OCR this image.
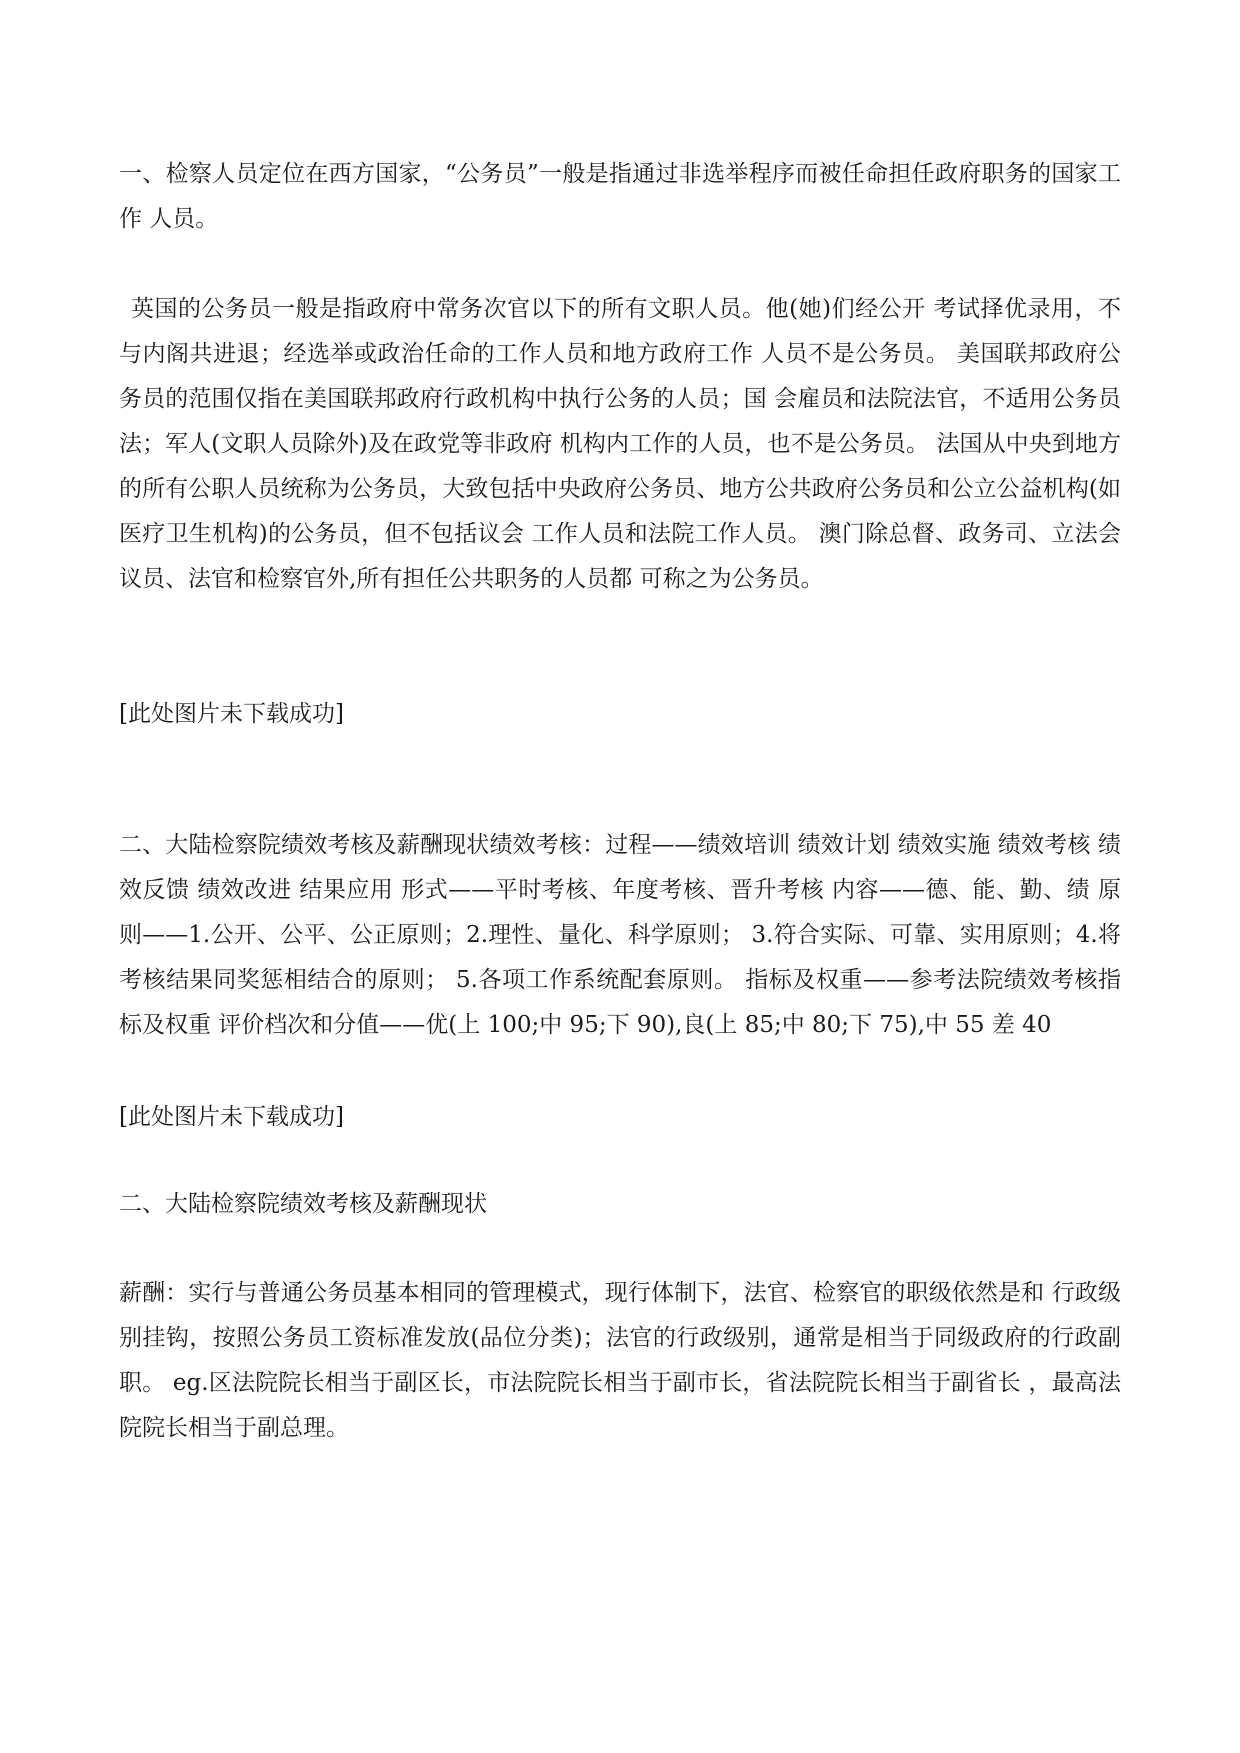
一、检察人员定位在西方国家，“公务员”一般是指通过非选举程序而被任命担任政府职务的国家工作 人员。

英国的公务员一般是指政府中常务次官以下的所有文职人员。他(她)们经公开 考试择优录用，不与内阁共进退；经选举或政治任命的工作人员和地方政府工作 人员不是公务员。 美国联邦政府公务员的范围仅指在美国联邦政府行政机构中执行公务的人员；国 会雇员和法院法官，不适用公务员法；军人(文职人员除外)及在政党等非政府 机构内工作的人员，也不是公务员。 法国从中央到地方的所有公职人员统称为公务员，大致包括中央政府公务员、地方公共政府公务员和公立公益机构(如医疗卫生机构)的公务员，但不包括议会 工作人员和法院工作人员。 澳门除总督、政务司、立法会议员、法官和检察官外,所有担任公共职务的人员都 可称之为公务员。

[此处图片未下载成功]

二、大陆检察院绩效考核及薪酬现状绩效考核：过程——绩效培训 绩效计划 绩效实施 绩效考核 绩效反馈 绩效改进 结果应用 形式——平时考核、年度考核、晋升考核 内容——德、能、勤、绩 原则——1.公开、公平、公正原则；2.理性、量化、科学原则； 3.符合实际、可靠、实用原则；4.将考核结果同奖惩相结合的原则； 5.各项工作系统配套原则。 指标及权重——参考法院绩效考核指标及权重 评价档次和分值——优(上 100;中 95;下 90),良(上 85;中 80;下 75),中 55 差 40

[此处图片未下载成功]

二、大陆检察院绩效考核及薪酬现状

薪酬：实行与普通公务员基本相同的管理模式，现行体制下，法官、检察官的职级依然是和 行政级别挂钩，按照公务员工资标准发放(品位分类)；法官的行政级别，通常是相当于同级政府的行政副职。 eg.区法院院长相当于副区长，市法院院长相当于副市长，省法院院长相当于副省长 ，最高法院院长相当于副总理。
